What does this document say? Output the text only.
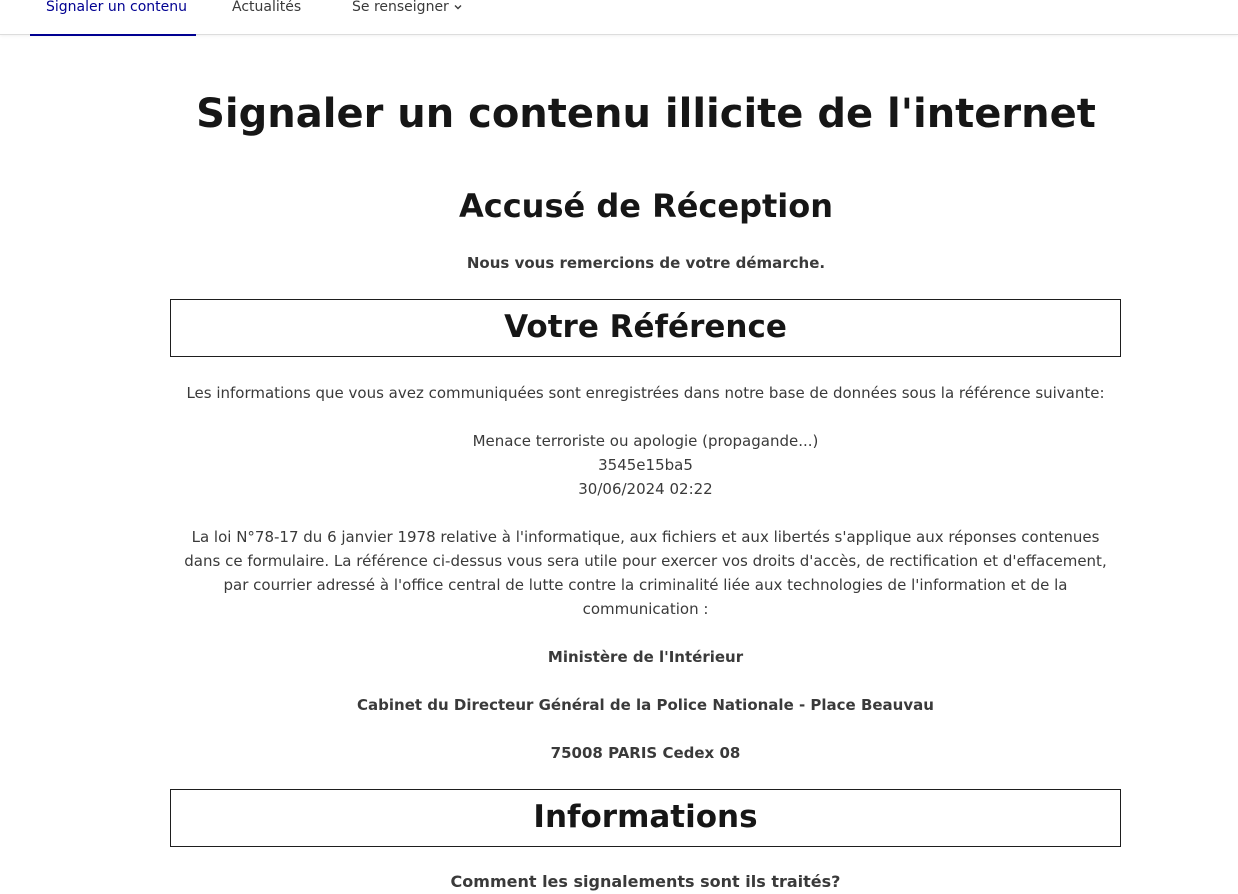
Signaler un contenu	Actualités	Se renseigner
Signaler un contenu illicite de l'internet
Accusé de Réception
Nous vous remercions de votre démarche.
Votre Référence
Les informations que vous avez communiquées sont enregistrées dans notre base de données sous la référence suivante:
Menace terroriste ou apologie (propagande...)
3545e15ba5
30/06/2024 02:22
La loi N°78-17 du 6 janvier 1978 relative à l'informatique, aux fichiers et aux libertés s'applique aux réponses contenues dans ce formulaire. La référence ci-dessus vous sera utile pour exercer vos droits d'accès, de rectification et d'effacement, par courrier adressé à l'office central de lutte contre la criminalité liée aux technologies de l'information et de la communication :
Ministère de l'Intérieur
Cabinet du Directeur Général de la Police Nationale - Place Beauvau
75008 PARIS Cedex 08
Informations
Comment les signalements sont ils traités?
